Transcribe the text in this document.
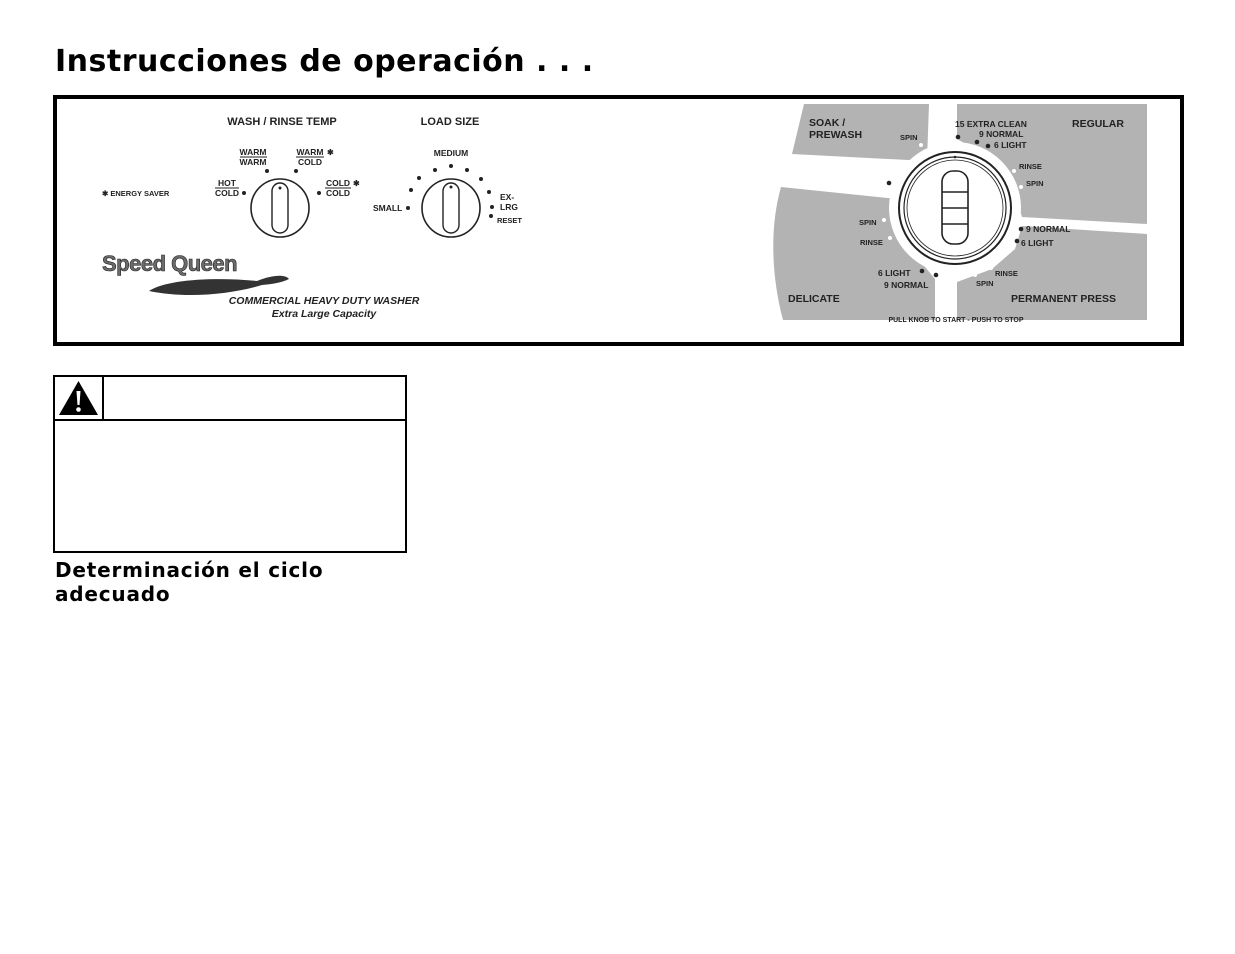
Instrucciones de operación . . .
WASH / RINSE TEMP
✱ ENERGY SAVER
HOT
COLD
WARM
WARM
WARM ✱
COLD
COLD ✱
COLD
LOAD SIZE
MEDIUM
SMALL
EX-
LRG
RESET
Speed Queen
COMMERCIAL HEAVY DUTY WASHER
Extra Large Capacity
SOAK /
PREWASH	SPIN
REGULAR
15 EXTRA CLEAN
9 NORMAL
6 LIGHT
RINSE
SPIN
9 NORMAL
6 LIGHT
RINSE
SPIN
PERMANENT PRESS
SPIN
RINSE
6 LIGHT
9 NORMAL
DELICATE
PULL KNOB TO START - PUSH TO STOP
Determinación el ciclo adecuado
